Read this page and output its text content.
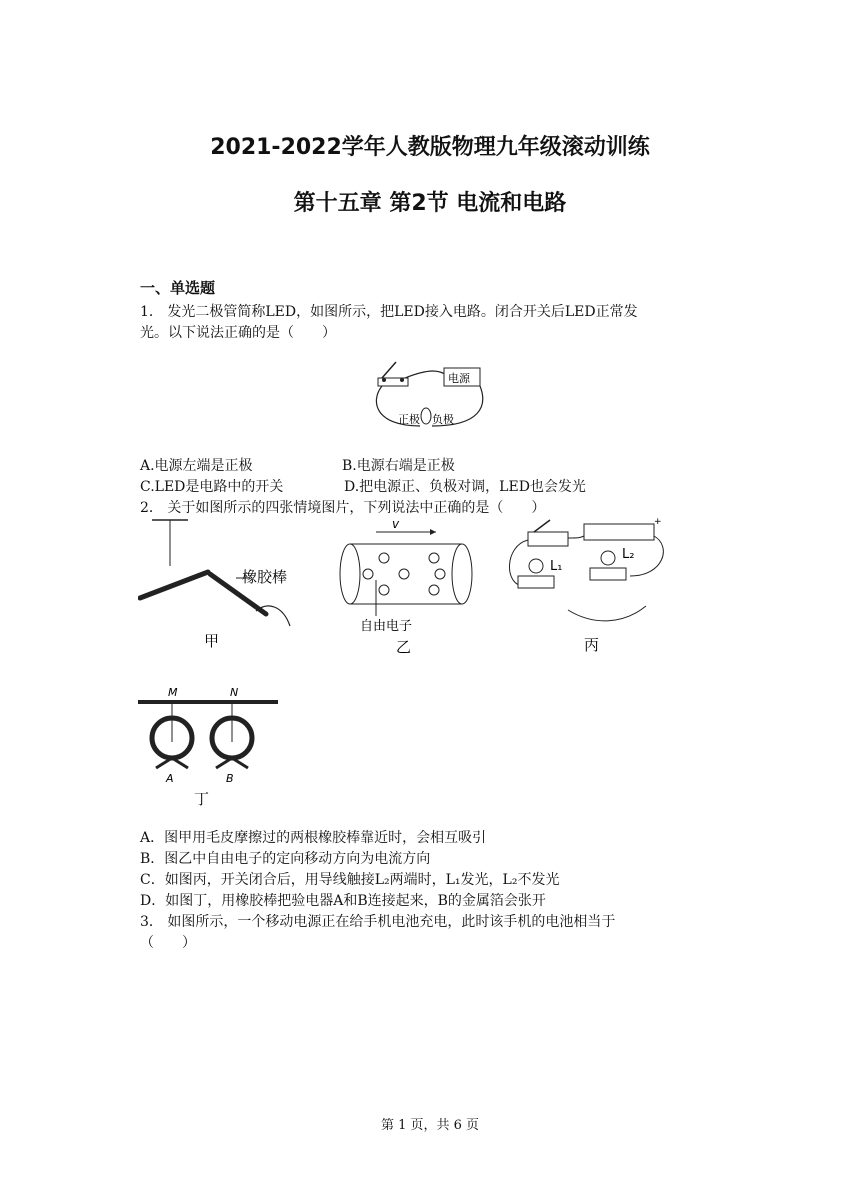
2021-2022学年人教版物理九年级滚动训练
第十五章 第2节 电流和电路
一、单选题
1． 发光二极管简称LED，如图所示，把LED接入电路。闭合开关后LED正常发
光。以下说法正确的是（　　）
电源
正极 负极
A.电源左端是正极	B.电源右端是正极
C.LED是电路中的开关	D.把电源正、负极对调，LED也会发光
2． 关于如图所示的四张情境图片，下列说法中正确的是（　　）
橡胶棒
甲
v
自由电子
乙
+
L₁
L₂
丙
M	N
A	B
丁
A．图甲用毛皮摩擦过的两根橡胶棒靠近时，会相互吸引
B．图乙中自由电子的定向移动方向为电流方向
C．如图丙，开关闭合后，用导线触接L₂两端时，L₁发光，L₂不发光
D．如图丁，用橡胶棒把验电器A和B连接起来，B的金属箔会张开
3． 如图所示，一个移动电源正在给手机电池充电，此时该手机的电池相当于
（　　）
第 1 页，共 6 页
